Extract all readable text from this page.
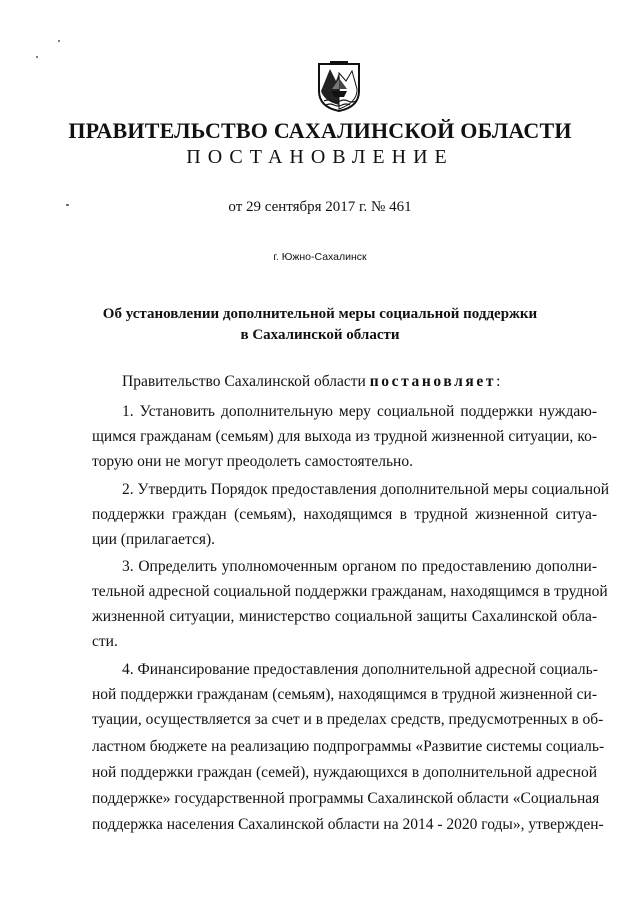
ПРАВИТЕЛЬСТВО САХАЛИНСКОЙ ОБЛАСТИ
ПОСТАНОВЛЕНИЕ
от 29 сентября 2017 г. № 461
г. Южно-Сахалинск
Об установлении дополнительной меры социальной поддержки
в Сахалинской области
Правительство Сахалинской области постановляет:
1. Установить дополнительную меру социальной поддержки нуждаю-
щимся гражданам (семьям) для выхода из трудной жизненной ситуации, ко-
торую они не могут преодолеть самостоятельно.
2. Утвердить Порядок предоставления дополнительной меры социальной
поддержки граждан (семьям), находящимся в трудной жизненной ситуа-
ции (прилагается).
3. Определить уполномоченным органом по предоставлению дополни-
тельной адресной социальной поддержки гражданам, находящимся в трудной
жизненной ситуации, министерство социальной защиты Сахалинской обла-
сти.
4. Финансирование предоставления дополнительной адресной социаль-
ной поддержки гражданам (семьям), находящимся в трудной жизненной си-
туации, осуществляется за счет и в пределах средств, предусмотренных в об-
ластном бюджете на реализацию подпрограммы «Развитие системы социаль-
ной поддержки граждан (семей), нуждающихся в дополнительной адресной
поддержке» государственной программы Сахалинской области «Социальная
поддержка населения Сахалинской области на 2014 - 2020 годы», утвержден-
